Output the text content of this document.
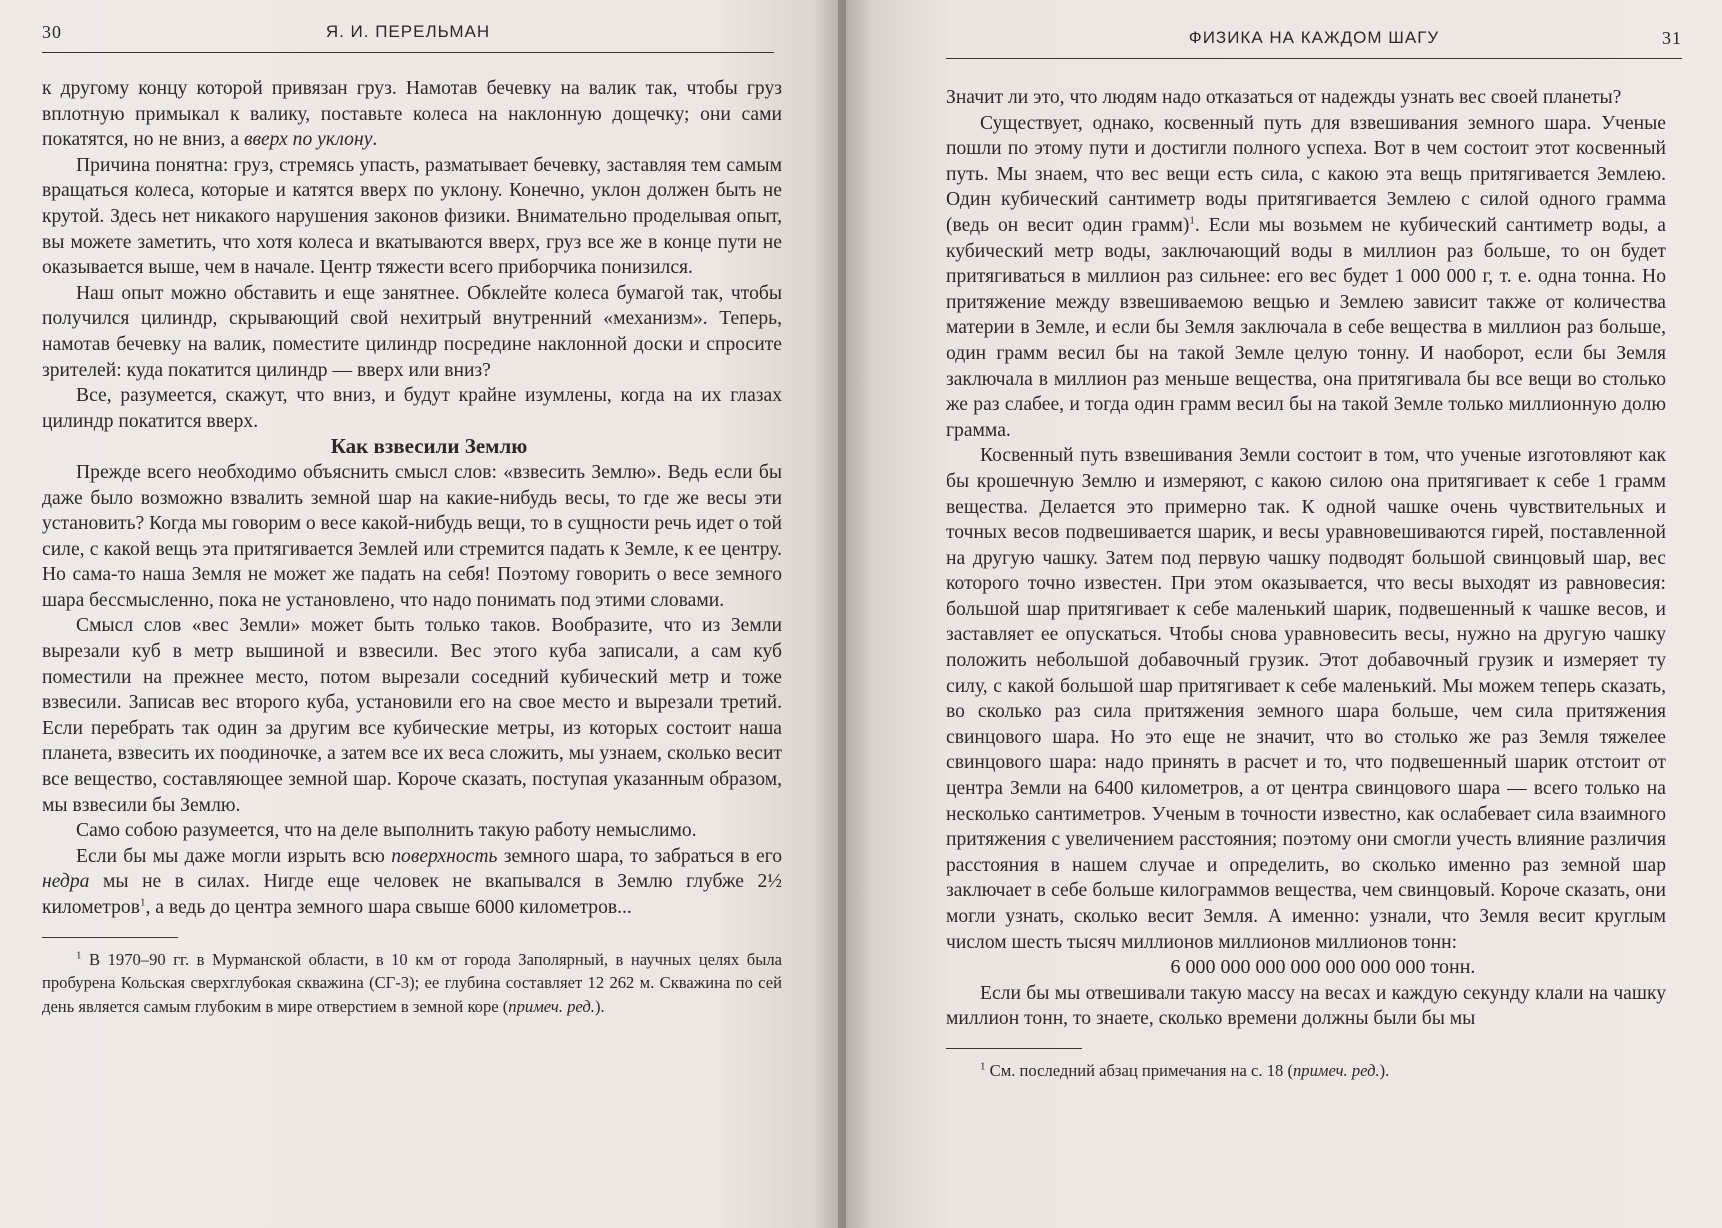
30	Я. И. ПЕРЕЛЬМАН

к другому концу которой привязан груз. Намотав бечевку на валик так, чтобы груз вплотную примыкал к валику, поставьте колеса на наклонную дощечку; они сами покатятся, но не вниз, а вверх по уклону.

Причина понятна: груз, стремясь упасть, разматывает бечевку, заставляя тем самым вращаться колеса, которые и катятся вверх по уклону. Конечно, уклон должен быть не крутой. Здесь нет никакого нарушения законов физики. Внимательно проделывая опыт, вы можете заметить, что хотя колеса и вкатываются вверх, груз все же в конце пути не оказывается выше, чем в начале. Центр тяжести всего приборчика понизился.

Наш опыт можно обставить и еще занятнее. Обклейте колеса бумагой так, чтобы получился цилиндр, скрывающий свой нехитрый внутренний «механизм». Теперь, намотав бечевку на валик, поместите цилиндр посредине наклонной доски и спросите зрителей: куда покатится цилиндр — вверх или вниз?

Все, разумеется, скажут, что вниз, и будут крайне изумлены, когда на их глазах цилиндр покатится вверх.

Как взвесили Землю

Прежде всего необходимо объяснить смысл слов: «взвесить Землю». Ведь если бы даже было возможно взвалить земной шар на какие-нибудь весы, то где же весы эти установить? Когда мы говорим о весе какой-нибудь вещи, то в сущности речь идет о той силе, с какой вещь эта притягивается Землей или стремится падать к Земле, к ее центру. Но сама-то наша Земля не может же падать на себя! Поэтому говорить о весе земного шара бессмысленно, пока не установлено, что надо понимать под этими словами.

Смысл слов «вес Земли» может быть только таков. Вообразите, что из Земли вырезали куб в метр вышиной и взвесили. Вес этого куба записали, а сам куб поместили на прежнее место, потом вырезали соседний кубический метр и тоже взвесили. Записав вес второго куба, установили его на свое место и вырезали третий. Если перебрать так один за другим все кубические метры, из которых состоит наша планета, взвесить их поодиночке, а затем все их веса сложить, мы узнаем, сколько весит все вещество, составляющее земной шар. Короче сказать, поступая указанным образом, мы взвесили бы Землю.

Само собою разумеется, что на деле выполнить такую работу немыслимо.

Если бы мы даже могли изрыть всю поверхность земного шара, то забраться в его недра мы не в силах. Нигде еще человек не вкапывался в Землю глубже 2½ километров$^1$, а ведь до центра земного шара свыше 6000 километров...

$^1$ В 1970–90 гг. в Мурманской области, в 10 км от города Заполярный, в научных целях была пробурена Кольская сверхглубокая скважина (СГ-3); ее глубина составляет 12 262 м. Скважина по сей день является самым глубоким в мире отверстием в земной коре (примеч. ред.).

ФИЗИКА НА КАЖДОМ ШАГУ	31

Значит ли это, что людям надо отказаться от надежды узнать вес своей планеты?

Существует, однако, косвенный путь для взвешивания земного шара. Ученые пошли по этому пути и достигли полного успеха. Вот в чем состоит этот косвенный путь. Мы знаем, что вес вещи есть сила, с какою эта вещь притягивается Землею. Один кубический сантиметр воды притягивается Землею с силой одного грамма (ведь он весит один грамм)$^1$. Если мы возьмем не кубический сантиметр воды, а кубический метр воды, заключающий воды в миллион раз больше, то он будет притягиваться в миллион раз сильнее: его вес будет 1 000 000 г, т. е. одна тонна. Но притяжение между взвешиваемою вещью и Землею зависит также от количества материи в Земле, и если бы Земля заключала в себе вещества в миллион раз больше, один грамм весил бы на такой Земле целую тонну. И наоборот, если бы Земля заключала в миллион раз меньше вещества, она притягивала бы все вещи во столько же раз слабее, и тогда один грамм весил бы на такой Земле только миллионную долю грамма.

Косвенный путь взвешивания Земли состоит в том, что ученые изготовляют как бы крошечную Землю и измеряют, с какою силою она притягивает к себе 1 грамм вещества. Делается это примерно так. К одной чашке очень чувствительных и точных весов подвешивается шарик, и весы уравновешиваются гирей, поставленной на другую чашку. Затем под первую чашку подводят большой свинцовый шар, вес которого точно известен. При этом оказывается, что весы выходят из равновесия: большой шар притягивает к себе маленький шарик, подвешенный к чашке весов, и заставляет ее опускаться. Чтобы снова уравновесить весы, нужно на другую чашку положить небольшой добавочный грузик. Этот добавочный грузик и измеряет ту силу, с какой большой шар притягивает к себе маленький. Мы можем теперь сказать, во сколько раз сила притяжения земного шара больше, чем сила притяжения свинцового шара. Но это еще не значит, что во столько же раз Земля тяжелее свинцового шара: надо принять в расчет и то, что подвешенный шарик отстоит от центра Земли на 6400 километров, а от центра свинцового шара — всего только на несколько сантиметров. Ученым в точности известно, как ослабевает сила взаимного притяжения с увеличением расстояния; поэтому они смогли учесть влияние различия расстояния в нашем случае и определить, во сколько именно раз земной шар заключает в себе больше килограммов вещества, чем свинцовый. Короче сказать, они могли узнать, сколько весит Земля. А именно: узнали, что Земля весит круглым числом шесть тысяч миллионов миллионов миллионов тонн:

6 000 000 000 000 000 000 000 тонн.

Если бы мы отвешивали такую массу на весах и каждую секунду клали на чашку миллион тонн, то знаете, сколько времени должны были бы мы

$^1$ См. последний абзац примечания на с. 18 (примеч. ред.).
